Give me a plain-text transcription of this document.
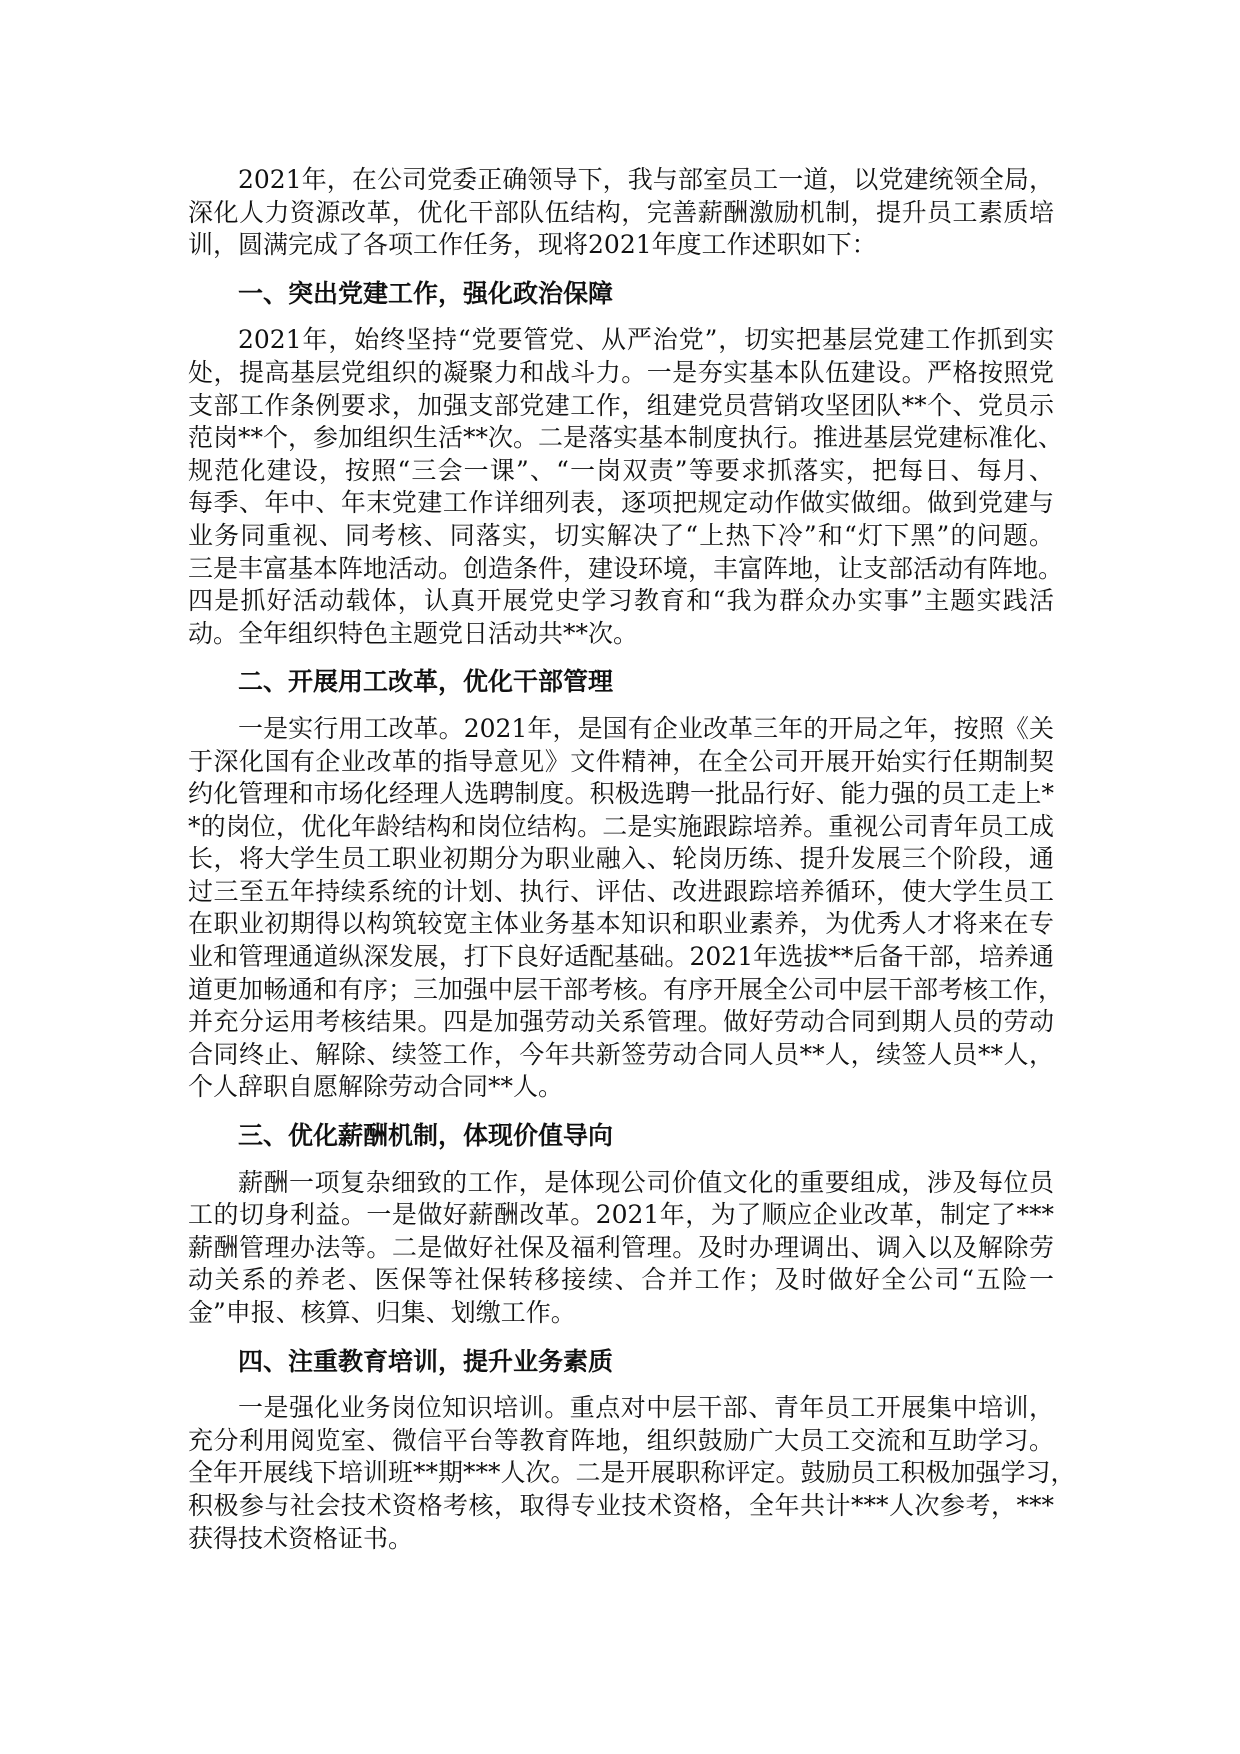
2021年，在公司党委正确领导下，我与部室员工一道，以党建统领全局，
深化人力资源改革，优化干部队伍结构，完善薪酬激励机制，提升员工素质培
训，圆满完成了各项工作任务，现将2021年度工作述职如下：
一、突出党建工作，强化政治保障
2021年，始终坚持“党要管党、从严治党”，切实把基层党建工作抓到实
处，提高基层党组织的凝聚力和战斗力。一是夯实基本队伍建设。严格按照党
支部工作条例要求，加强支部党建工作，组建党员营销攻坚团队**个、党员示
范岗**个，参加组织生活**次。二是落实基本制度执行。推进基层党建标准化、
规范化建设，按照“三会一课”、“一岗双责”等要求抓落实，把每日、每月、
每季、年中、年末党建工作详细列表，逐项把规定动作做实做细。做到党建与
业务同重视、同考核、同落实，切实解决了“上热下冷”和“灯下黑”的问题。
三是丰富基本阵地活动。创造条件，建设环境，丰富阵地，让支部活动有阵地。
四是抓好活动载体，认真开展党史学习教育和“我为群众办实事”主题实践活
动。全年组织特色主题党日活动共**次。
二、开展用工改革，优化干部管理
一是实行用工改革。2021年，是国有企业改革三年的开局之年，按照《关
于深化国有企业改革的指导意见》文件精神，在全公司开展开始实行任期制契
约化管理和市场化经理人选聘制度。积极选聘一批品行好、能力强的员工走上*
*的岗位，优化年龄结构和岗位结构。二是实施跟踪培养。重视公司青年员工成
长，将大学生员工职业初期分为职业融入、轮岗历练、提升发展三个阶段，通
过三至五年持续系统的计划、执行、评估、改进跟踪培养循环，使大学生员工
在职业初期得以构筑较宽主体业务基本知识和职业素养，为优秀人才将来在专
业和管理通道纵深发展，打下良好适配基础。2021年选拔**后备干部，培养通
道更加畅通和有序；三加强中层干部考核。有序开展全公司中层干部考核工作，
并充分运用考核结果。四是加强劳动关系管理。做好劳动合同到期人员的劳动
合同终止、解除、续签工作，今年共新签劳动合同人员**人，续签人员**人，
个人辞职自愿解除劳动合同**人。
三、优化薪酬机制，体现价值导向
薪酬一项复杂细致的工作，是体现公司价值文化的重要组成，涉及每位员
工的切身利益。一是做好薪酬改革。2021年，为了顺应企业改革，制定了***
薪酬管理办法等。二是做好社保及福利管理。及时办理调出、调入以及解除劳
动关系的养老、医保等社保转移接续、合并工作；及时做好全公司“五险一
金”申报、核算、归集、划缴工作。
四、注重教育培训，提升业务素质
一是强化业务岗位知识培训。重点对中层干部、青年员工开展集中培训，
充分利用阅览室、微信平台等教育阵地，组织鼓励广大员工交流和互助学习。
全年开展线下培训班**期***人次。二是开展职称评定。鼓励员工积极加强学习，
积极参与社会技术资格考核，取得专业技术资格，全年共计***人次参考，***
获得技术资格证书。
